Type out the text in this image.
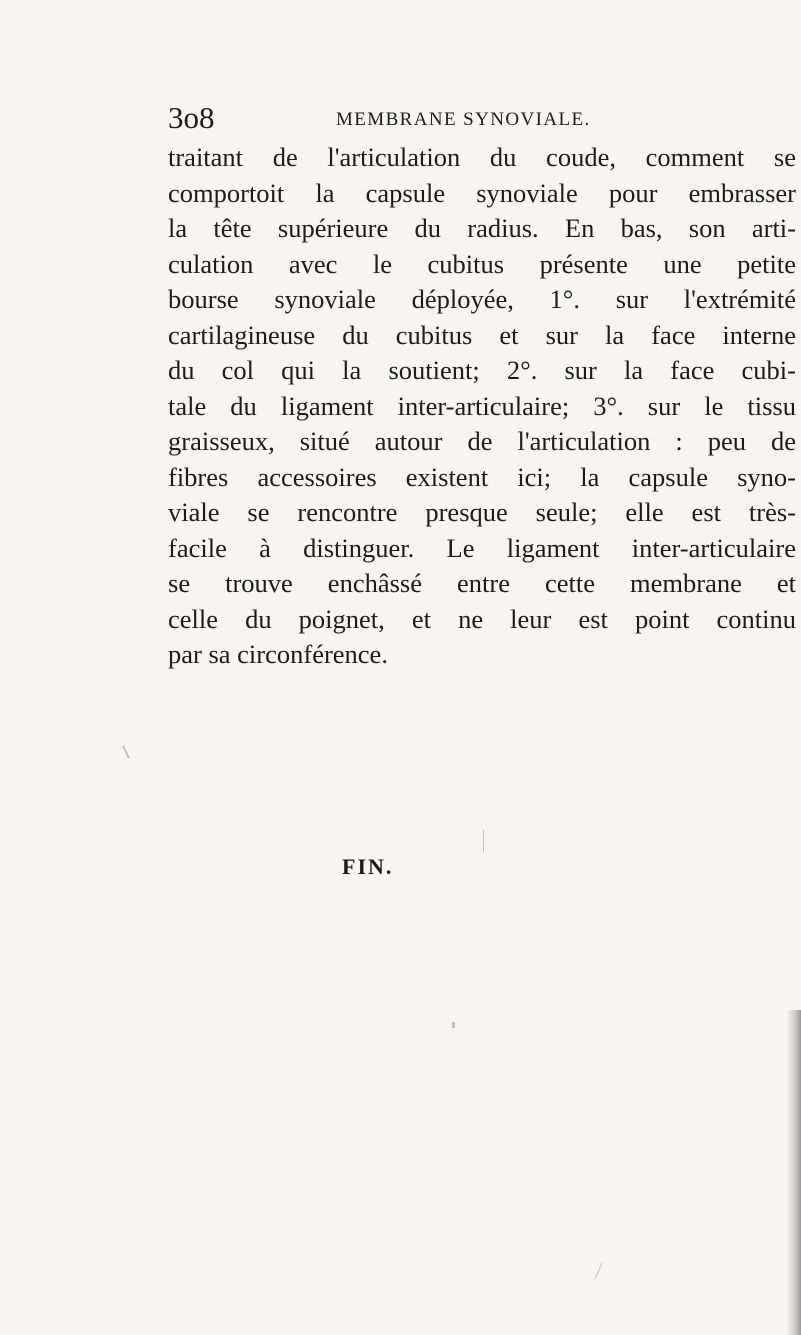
3o8	MEMBRANE SYNOVIALE.

traitant de l'articulation du coude, comment se
comportoit la capsule synoviale pour embrasser
la tête supérieure du radius. En bas, son arti-
culation avec le cubitus présente une petite
bourse synoviale déployée, 1°. sur l'extrémité
cartilagineuse du cubitus et sur la face interne
du col qui la soutient; 2°. sur la face cubi-
tale du ligament inter-articulaire; 3°. sur le tissu
graisseux, situé autour de l'articulation : peu de
fibres accessoires existent ici; la capsule syno-
viale se rencontre presque seule; elle est très-
facile à distinguer. Le ligament inter-articulaire
se trouve enchâssé entre cette membrane et
celle du poignet, et ne leur est point continu
par sa circonférence.

FIN.
